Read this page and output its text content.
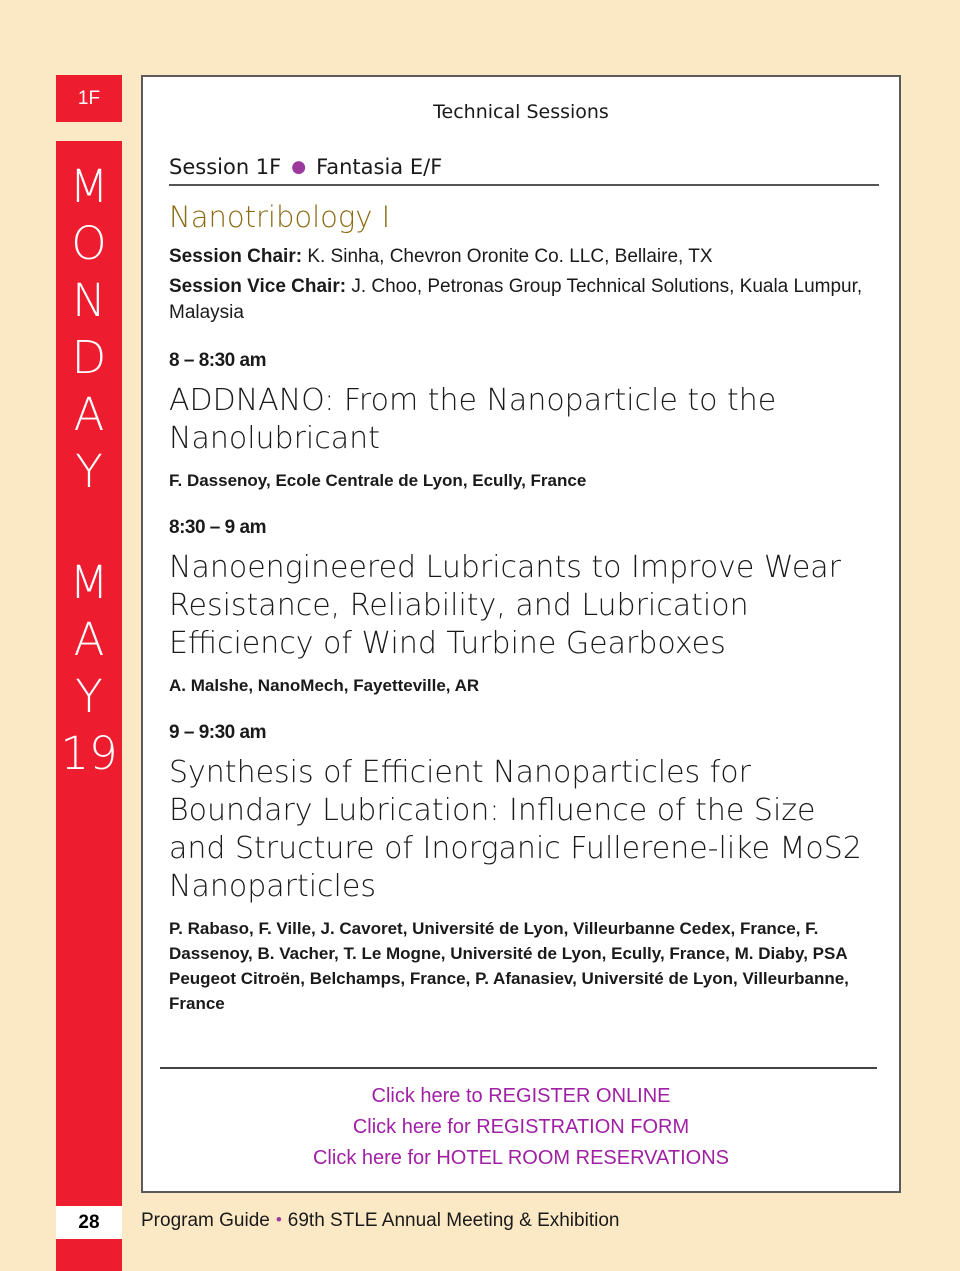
1F
M
O
N
D
A
Y
M
A
Y
19
28
Technical Sessions
Session 1F ● Fantasia E/F
Nanotribology I
Session Chair: K. Sinha, Chevron Oronite Co. LLC, Bellaire, TX
Session Vice Chair: J. Choo, Petronas Group Technical Solutions, Kuala Lumpur, Malaysia
8 – 8:30 am
ADDNANO: From the Nanoparticle to the Nanolubricant
F. Dassenoy, Ecole Centrale de Lyon, Ecully, France
8:30 – 9 am
Nanoengineered Lubricants to Improve Wear Resistance, Reliability, and Lubrication Efficiency of Wind Turbine Gearboxes
A. Malshe, NanoMech, Fayetteville, AR
9 – 9:30 am
Synthesis of Efficient Nanoparticles for Boundary Lubrication: Influence of the Size and Structure of Inorganic Fullerene-like MoS2 Nanoparticles
P. Rabaso, F. Ville, J. Cavoret, Université de Lyon, Villeurbanne Cedex, France, F. Dassenoy, B. Vacher, T. Le Mogne, Université de Lyon, Ecully, France, M. Diaby, PSA Peugeot Citroën, Belchamps, France, P. Afanasiev, Université de Lyon, Villeurbanne, France
Click here to REGISTER ONLINE
Click here for REGISTRATION FORM
Click here for HOTEL ROOM RESERVATIONS
Program Guide • 69th STLE Annual Meeting & Exhibition
